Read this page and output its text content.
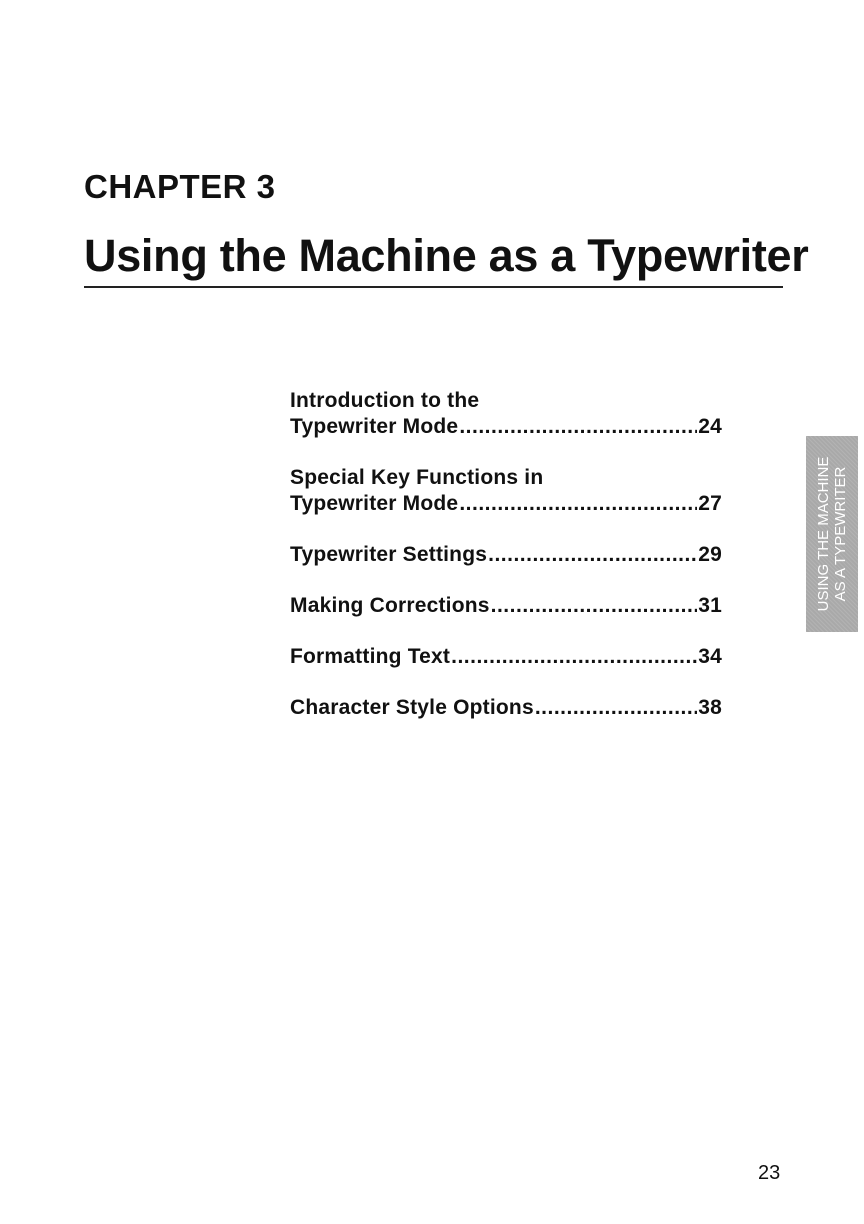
CHAPTER 3
Using the Machine as a Typewriter
Introduction to the
Typewriter Mode .....	24
Special Key Functions in
Typewriter Mode .....	27
Typewriter Settings .....	29
Making Corrections .....	31
Formatting Text .....	34
Character Style Options .....	38
USING THE MACHINE AS A TYPEWRITER

23
